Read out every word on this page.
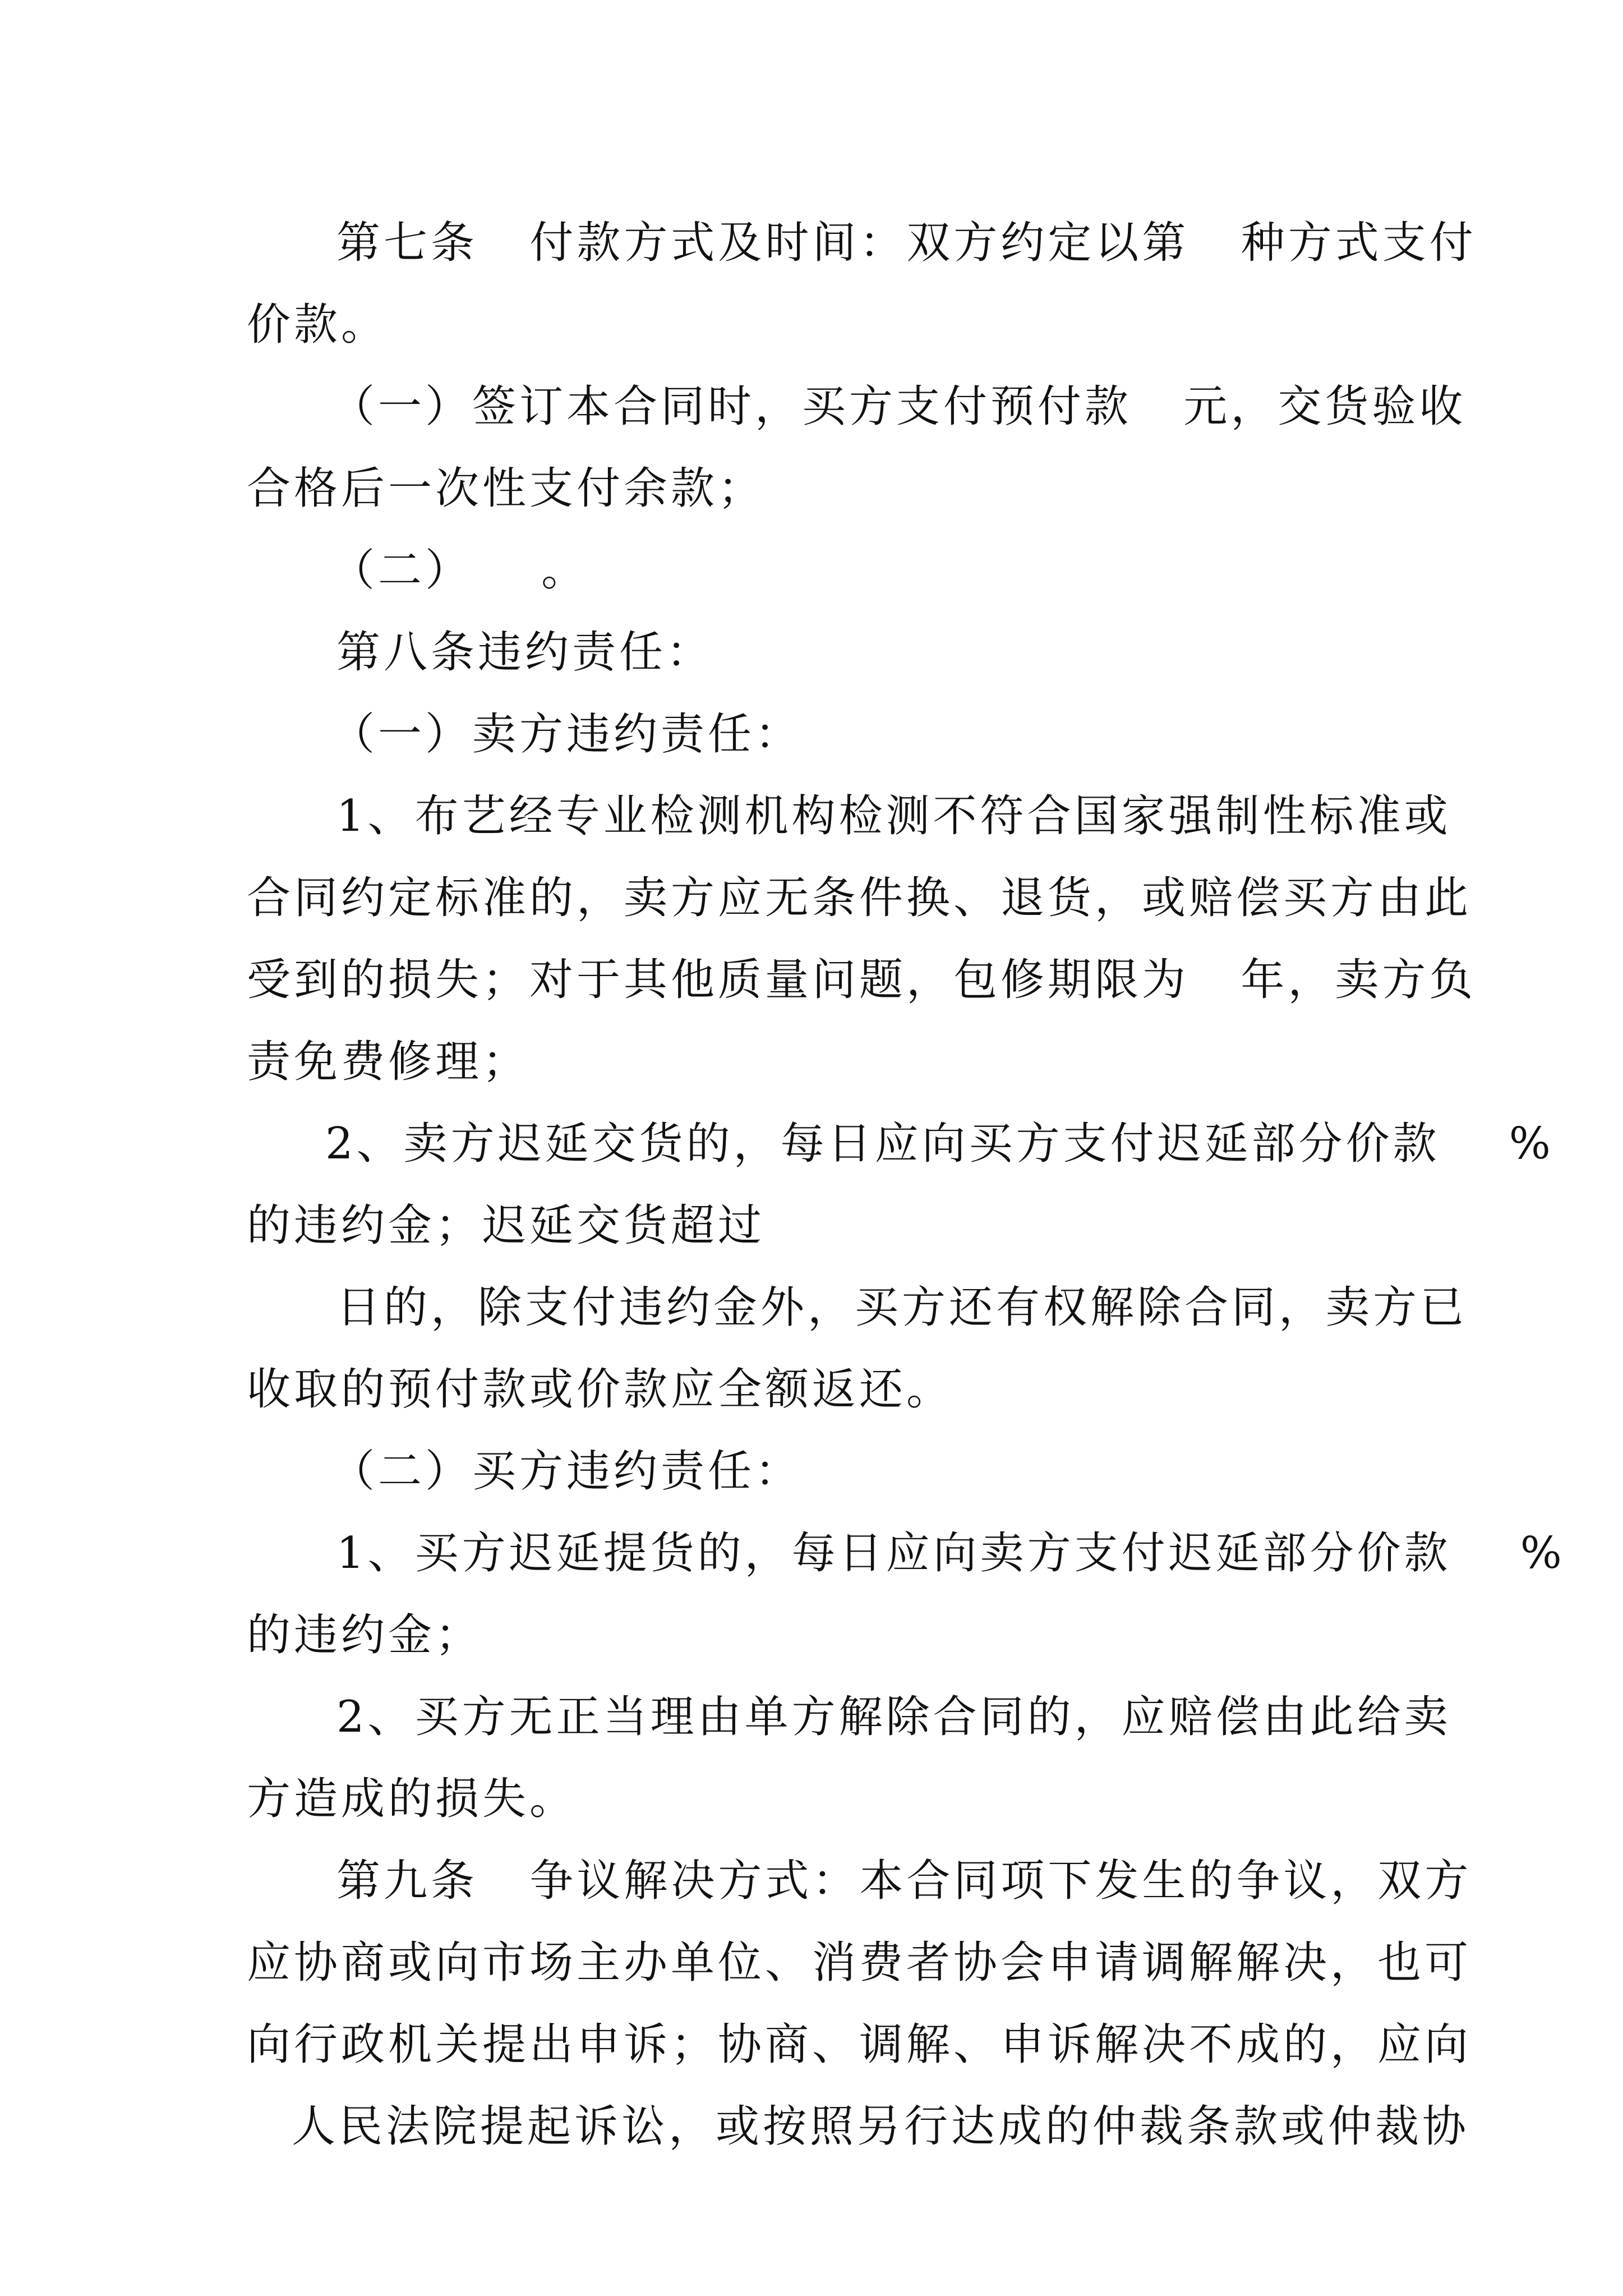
第七条   付款方式及时间：双方约定以第   种方式支付
价款。
（一）签订本合同时，买方支付预付款   元，交货验收
合格后一次性支付余款；
（二）    。
第八条违约责任：
（一）卖方违约责任：
1、布艺经专业检测机构检测不符合国家强制性标准或
合同约定标准的，卖方应无条件换、退货，或赔偿买方由此
受到的损失；对于其他质量问题，包修期限为   年，卖方负
责免费修理；
2、卖方迟延交货的，每日应向买方支付迟延部分价款    %
的违约金；迟延交货超过
日的，除支付违约金外，买方还有权解除合同，卖方已
收取的预付款或价款应全额返还。
（二）买方违约责任：
1、买方迟延提货的，每日应向卖方支付迟延部分价款    %
的违约金；
2、买方无正当理由单方解除合同的，应赔偿由此给卖
方造成的损失。
第九条   争议解决方式：本合同项下发生的争议，双方
应协商或向市场主办单位、消费者协会申请调解解决，也可
向行政机关提出申诉；协商、调解、申诉解决不成的，应向
人民法院提起诉讼，或按照另行达成的仲裁条款或仲裁协
